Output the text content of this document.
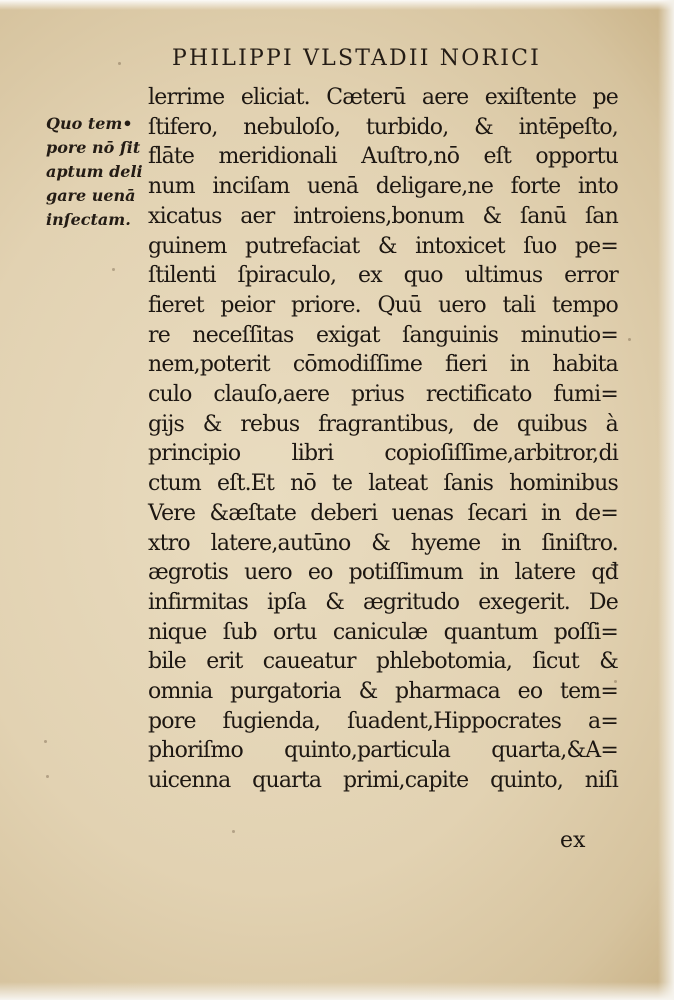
PHILIPPI VLSTADII NORICI
Quo tem•
pore nō ſit
aptum deli
gare uenā
inſectam.
lerrime eliciat. Cæterū aere exiſtente pe
ſtifero, nebuloſo, turbido, & intēpeſto,
flāte meridionali Auſtro,nō eſt opportu
num inciſam uenā deligare,ne forte into
xicatus aer introiens,bonum & ſanū ſan
guinem putrefaciat & intoxicet ſuo pe=
ſtilenti ſpiraculo, ex quo ultimus error
fieret peior priore. Quū uero tali tempo
re neceſſitas exigat ſanguinis minutio=
nem,poterit cōmodiſſime fieri in habita
culo clauſo,aere prius rectificato fumi=
gijs & rebus fragrantibus, de quibus à
principio libri copioſiſſime,arbitror,di
ctum eſt.Et nō te lateat ſanis hominibus
Vere &æſtate deberi uenas ſecari in de=
xtro latere,autūno & hyeme in ſiniſtro.
ægrotis uero eo potiſſimum in latere qđ
infirmitas ipſa & ægritudo exegerit. De
nique ſub ortu caniculæ quantum poſſi=
bile erit caueatur phlebotomia, ſicut &
omnia purgatoria & pharmaca eo tem=
pore fugienda, ſuadent,Hippocrates a=
phoriſmo quinto,particula quarta,&A=
uicenna quarta primi,capite quinto, niſi
ex
